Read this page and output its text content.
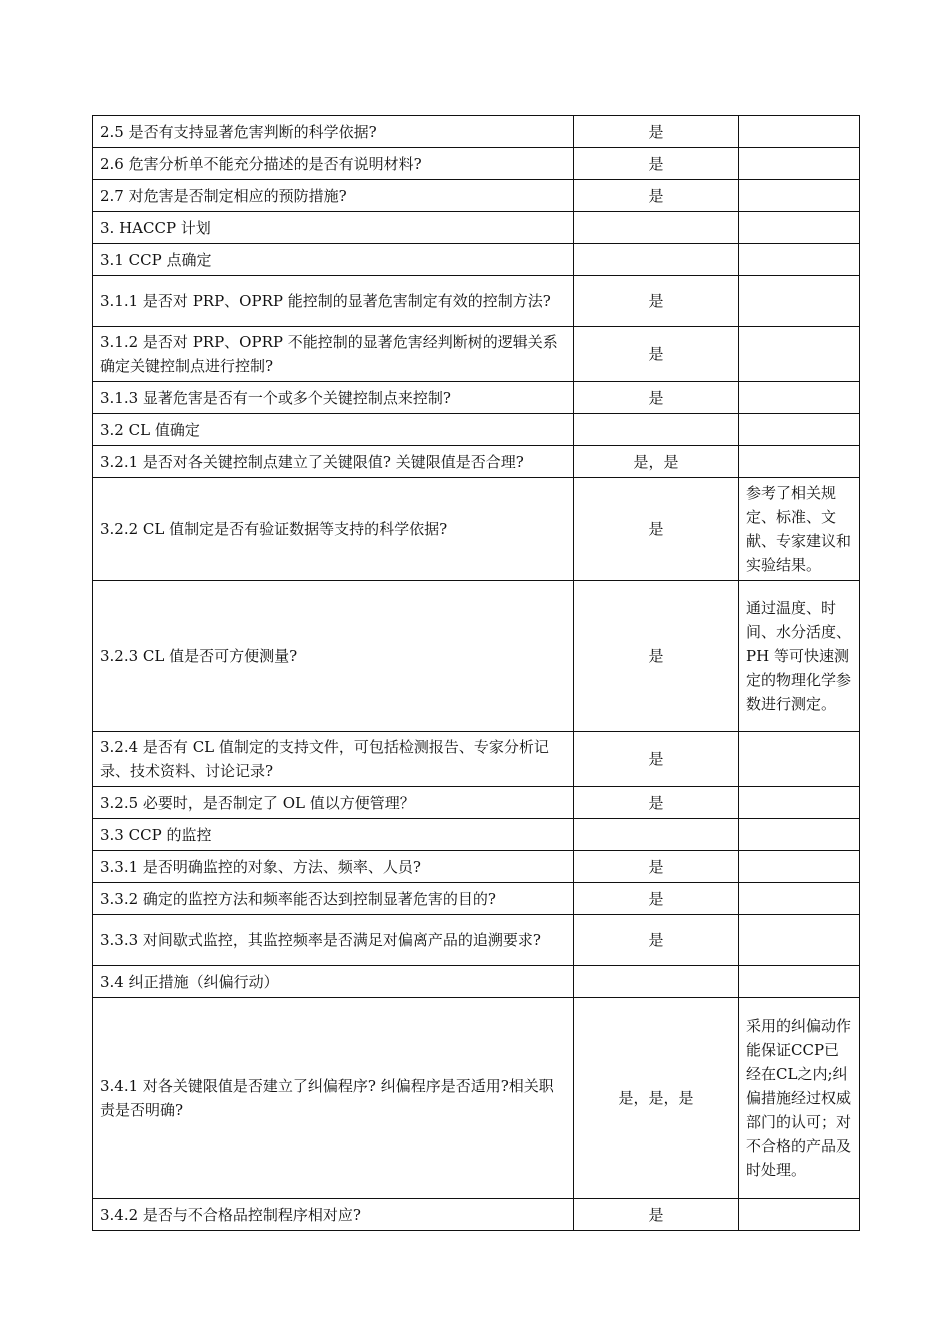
2.5 是否有支持显著危害判断的科学依据?	是	
2.6 危害分析单不能充分描述的是否有说明材料?	是	
2.7 对危害是否制定相应的预防措施?	是	
3. HACCP 计划		
3.1 CCP 点确定		
3.1.1 是否对 PRP、OPRP 能控制的显著危害制定有效的控制方法?	是	
3.1.2 是否对 PRP、OPRP 不能控制的显著危害经判断树的逻辑关系确定关键控制点进行控制?	是	
3.1.3 显著危害是否有一个或多个关键控制点来控制?	是	
3.2 CL 值确定		
3.2.1 是否对各关键控制点建立了关键限值? 关键限值是否合理?	是，是	
3.2.2 CL 值制定是否有验证数据等支持的科学依据?	是	参考了相关规定、标准、文献、专家建议和实验结果。
3.2.3 CL 值是否可方便测量?	是	通过温度、时间、水分活度、PH 等可快速测定的物理化学参数进行测定。
3.2.4 是否有 CL 值制定的支持文件，可包括检测报告、专家分析记录、技术资料、讨论记录?	是	
3.2.5 必要时，是否制定了 OL 值以方便管理？	是	
3.3 CCP 的监控		
3.3.1 是否明确监控的对象、方法、频率、人员?	是	
3.3.2 确定的监控方法和频率能否达到控制显著危害的目的?	是	
3.3.3 对间歇式监控，其监控频率是否满足对偏离产品的追溯要求?	是	
3.4 纠正措施（纠偏行动）		
3.4.1 对各关键限值是否建立了纠偏程序? 纠偏程序是否适用?相关职责是否明确?	是，是，是	采用的纠偏动作能保证CCP已经在CL之内;纠偏措施经过权威部门的认可；对不合格的产品及时处理。
3.4.2 是否与不合格品控制程序相对应?	是	
